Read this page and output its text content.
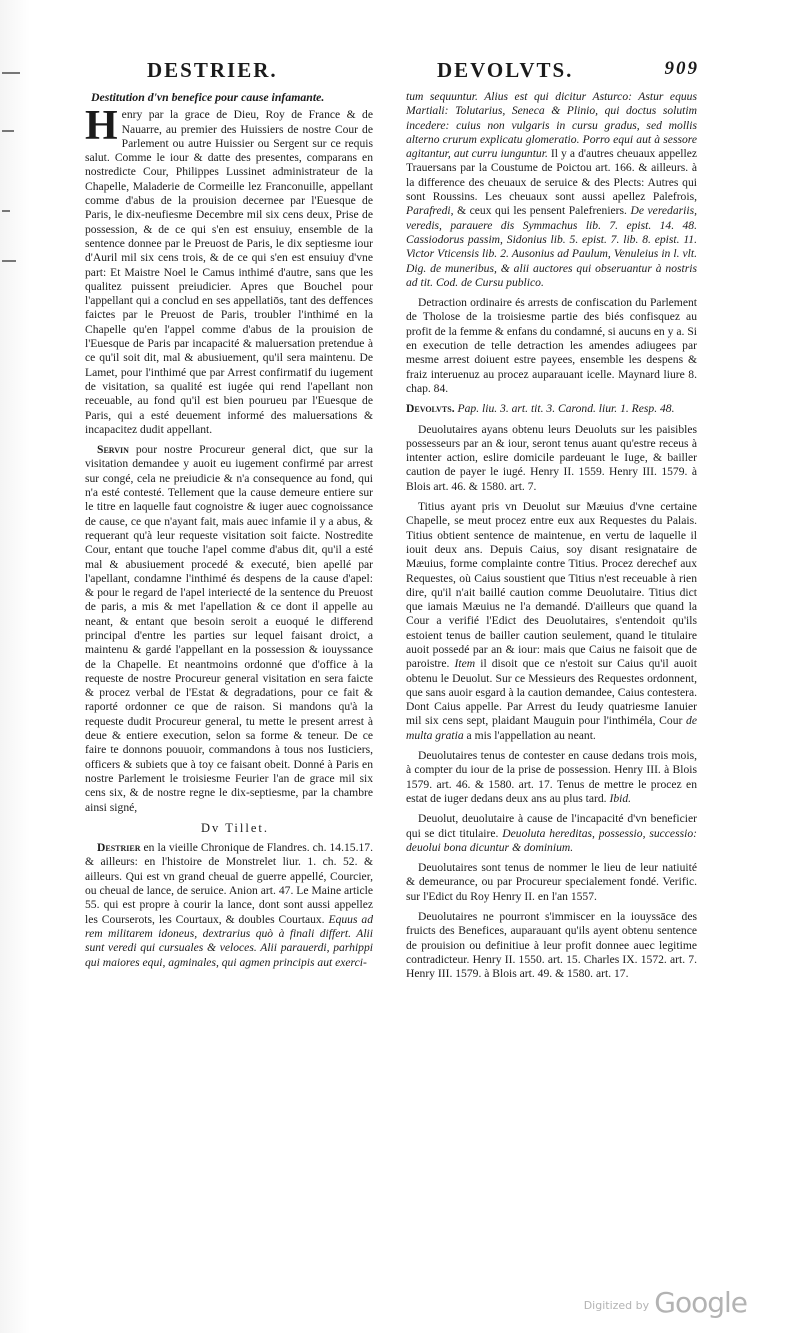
DESTRIER.	DEVOLVTS.	909
Destitution d'vn benefice pour cause infamante.

Henry par la grace de Dieu, Roy de France & de Nauarre, au premier des Huissiers de nostre Cour de Parlement ou autre Huissier ou Sergent sur ce requis salut. Comme le iour & datte des presentes, comparans en nostredicte Cour, Philippes Lussinet administrateur de la Chapelle, Maladerie de Cormeille lez Franconuille, appellant comme d'abus de la prouision decernee par l'Euesque de Paris, le dix-neufiesme Decembre mil six cens deux, Prise de possession, & de ce qui s'en est ensuiuy, ensemble de la sentence donnee par le Preuost de Paris, le dix septiesme iour d'Auril mil six cens trois, & de ce qui s'en est ensuiuy d'vne part: Et Maistre Noel le Camus inthimé d'autre, sans que les qualitez puissent preiudicier. Apres que Bouchel pour l'appellant qui a conclud en ses appellatiōs, tant des deffences faictes par le Preuost de Paris, troubler l'inthimé en la Chapelle qu'en l'appel comme d'abus de la prouision de l'Euesque de Paris par incapacité & maluersation pretendue à ce qu'il soit dit, mal & abusiuement, qu'il sera maintenu. De Lamet, pour l'inthimé que par Arrest confirmatif du iugement de visitation, sa qualité est iugée qui rend l'apellant non receuable, au fond qu'il est bien pourueu par l'Euesque de Paris, qui a esté deuement informé des maluersations & incapacitez dudit appellant.

Servin pour nostre Procureur general dict, que sur la visitation demandee y auoit eu iugement confirmé par arrest sur congé, cela ne preiudicie & n'a consequence au fond, qui n'a esté contesté. Tellement que la cause demeure entiere sur le titre en laquelle faut cognoistre & iuger auec cognoissance de cause, ce que n'ayant fait, mais auec infamie il y a abus, & requerant qu'à leur requeste visitation soit faicte. Nostredite Cour, entant que touche l'apel comme d'abus dit, qu'il a esté mal & abusiuement procedé & executé, bien apellé par l'apellant, condamne l'inthimé és despens de la cause d'apel: & pour le regard de l'apel interiecté de la sentence du Preuost de paris, a mis & met l'apellation & ce dont il appelle au neant, & entant que besoin seroit a euoqué le differend principal d'entre les parties sur lequel faisant droict, a maintenu & gardé l'appellant en la possession & iouyssance de la Chapelle. Et neantmoins ordonné que d'office à la requeste de nostre Procureur general visitation en sera faicte & procez verbal de l'Estat & degradations, pour ce fait & raporté ordonner ce que de raison. Si mandons qu'à la requeste dudit Procureur general, tu mette le present arrest à deue & entiere execution, selon sa forme & teneur. De ce faire te donnons pouuoir, commandons à tous nos Iusticiers, officers & subiets que à toy ce faisant obeit. Donné à Paris en nostre Parlement le troisiesme Feurier l'an de grace mil six cens six, & de nostre regne le dix-septiesme, par la chambre ainsi signé,

Dv Tillet.

Destrier en la vieille Chronique de Flandres. ch. 14.15.17. & ailleurs: en l'histoire de Monstrelet liur. 1. ch. 52. & ailleurs. Qui est vn grand cheual de guerre appellé, Courcier, ou cheual de lance, de seruice. Anion art. 47. Le Maine article 55. qui est propre à courir la lance, dont sont aussi appellez les Courserots, les Courtaux, & doubles Courtaux. Equus ad rem militarem idoneus, dextrarius quò à finali differt. Alii sunt veredi qui cursuales & veloces. Alii parauerdi, parhippi qui maiores equi, agminales, qui agmen principis aut exerci-

tum sequuntur. Alius est qui dicitur Asturco: Astur equus Martiali: Tolutarius, Seneca & Plinio, qui doctus solutim incedere: cuius non vulgaris in cursu gradus, sed mollis alterno crurum explicatu glomeratio. Porro equi aut à sessore agitantur, aut curru iunguntur. Il y a d'autres cheuaux appellez Trauersans par la Coustume de Poictou art. 166. & ailleurs. à la difference des cheuaux de seruice & des Plects: Autres qui sont Roussins. Les cheuaux sont aussi apellez Palefrois, Parafredi, & ceux qui les pensent Palefreniers. De veredariis, veredis, parauere dis Symmachus lib. 7. epist. 14. 48. Cassiodorus passim, Sidonius lib. 5. epist. 7. lib. 8. epist. 11. Victor Vticensis lib. 2. Ausonius ad Paulum, Venuleius in l. vlt. Dig. de muneribus, & alii auctores qui obseruantur à nostris ad tit. Cod. de Cursu publico.

Detraction ordinaire és arrests de confiscation du Parlement de Tholose de la troisiesme partie des biés confisquez au profit de la femme & enfans du condamné, si aucuns en y a. Si en execution de telle detraction les amendes adiugees par mesme arrest doiuent estre payees, ensemble les despens & fraiz interuenuz au procez auparauant icelle. Maynard liure 8. chap. 84.

Devolvts. Pap. liu. 3. art. tit. 3. Carond. liur. 1. Resp. 48.

Deuolutaires ayans obtenu leurs Deuoluts sur les paisibles possesseurs par an & iour, seront tenus auant qu'estre receus à intenter action, eslire domicile pardeuant le Iuge, & bailler caution de payer le iugé. Henry II. 1559. Henry III. 1579. à Blois art. 46. & 1580. art. 7.

Titius ayant pris vn Deuolut sur Mæuius d'vne certaine Chapelle, se meut procez entre eux aux Requestes du Palais. Titius obtient sentence de maintenue, en vertu de laquelle il iouit deux ans. Depuis Caius, soy disant resignataire de Mæuius, forme complainte contre Titius. Procez derechef aux Requestes, où Caius soustient que Titius n'est receuable à rien dire, qu'il n'ait baillé caution comme Deuolutaire. Titius dict que iamais Mæuius ne l'a demandé. D'ailleurs que quand la Cour a verifié l'Edict des Deuolutaires, s'entendoit qu'ils estoient tenus de bailler caution seulement, quand le titulaire auoit possedé par an & iour: mais que Caius ne faisoit que de paroistre. Item il disoit que ce n'estoit sur Caius qu'il auoit obtenu le Deuolut. Sur ce Messieurs des Requestes ordonnent, que sans auoir esgard à la caution demandee, Caius contestera. Dont Caius appelle. Par Arrest du Ieudy quatriesme Ianuier mil six cens sept, plaidant Mauguin pour l'inthiméla, Cour de multa gratia a mis l'appellation au neant.

Deuolutaires tenus de contester en cause dedans trois mois, à compter du iour de la prise de possession. Henry III. à Blois 1579. art. 46. & 1580. art. 17. Tenus de mettre le procez en estat de iuger dedans deux ans au plus tard. Ibid.

Deuolut, deuolutaire à cause de l'incapacité d'vn beneficier qui se dict titulaire. Deuoluta hereditas, possessio, successio: deuolui bona dicuntur & dominium.

Deuolutaires sont tenus de nommer le lieu de leur natiuité & demeurance, ou par Procureur specialement fondé. Verific. sur l'Edict du Roy Henry II. en l'an 1557.

Deuolutaires ne pourront s'immiscer en la iouyssāce des fruicts des Benefices, auparauant qu'ils ayent obtenu sentence de prouision ou definitiue à leur profit donnee auec legitime contradicteur. Henry II. 1550. art. 15. Charles IX. 1572. art. 7. Henry III. 1579. à Blois art. 49. & 1580. art. 17.

Digitized by Google
